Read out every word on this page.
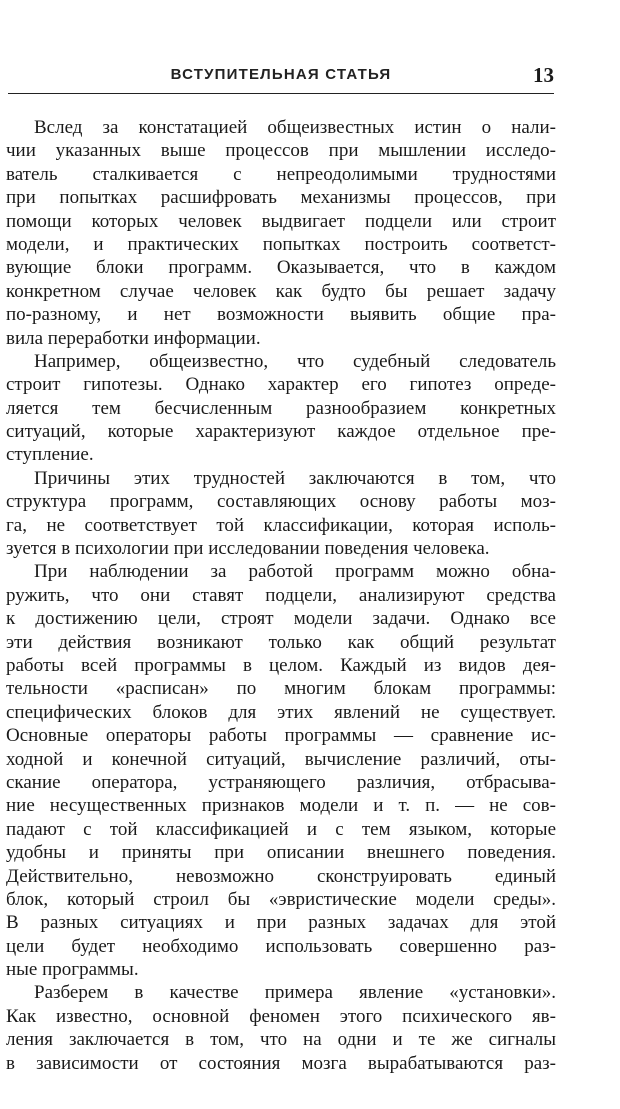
ВСТУПИТЕЛЬНАЯ СТАТЬЯ	13
Вслед за констатацией общеизвестных истин о нали-
чии указанных выше процессов при мышлении исследо-
ватель сталкивается с непреодолимыми трудностями
при попытках расшифровать механизмы процессов, при
помощи которых человек выдвигает подцели или строит
модели, и практических попытках построить соответст-
вующие блоки программ. Оказывается, что в каждом
конкретном случае человек как будто бы решает задачу
по-разному, и нет возможности выявить общие пра-
вила переработки информации.
Например, общеизвестно, что судебный следователь
строит гипотезы. Однако характер его гипотез опреде-
ляется тем бесчисленным разнообразием конкретных
ситуаций, которые характеризуют каждое отдельное пре-
ступление.
Причины этих трудностей заключаются в том, что
структура программ, составляющих основу работы моз-
га, не соответствует той классификации, которая исполь-
зуется в психологии при исследовании поведения человека.
При наблюдении за работой программ можно обна-
ружить, что они ставят подцели, анализируют средства
к достижению цели, строят модели задачи. Однако все
эти действия возникают только как общий результат
работы всей программы в целом. Каждый из видов дея-
тельности «расписан» по многим блокам программы:
специфических блоков для этих явлений не существует.
Основные операторы работы программы — сравнение ис-
ходной и конечной ситуаций, вычисление различий, оты-
скание оператора, устраняющего различия, отбрасыва-
ние несущественных признаков модели и т. п. — не сов-
падают с той классификацией и с тем языком, которые
удобны и приняты при описании внешнего поведения.
Действительно, невозможно сконструировать единый
блок, который строил бы «эвристические модели среды».
В разных ситуациях и при разных задачах для этой
цели будет необходимо использовать совершенно раз-
ные программы.
Разберем в качестве примера явление «установки».
Как известно, основной феномен этого психического яв-
ления заключается в том, что на одни и те же сигналы
в зависимости от состояния мозга вырабатываются раз-
